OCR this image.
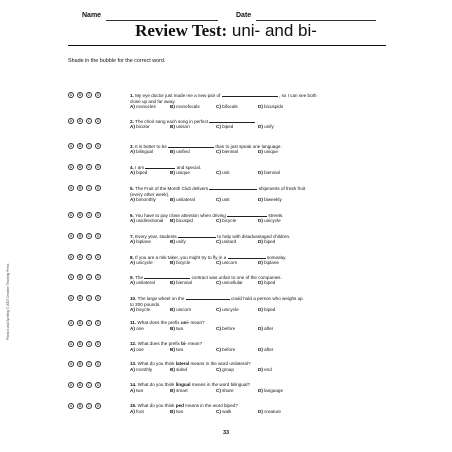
Name	Date
Review Test: uni- and bi-
Shade in the bubble for the correct word.
A	B	C	D	1. My eye doctor just made me a new pair of	, so I can see both
close up and far away.
A) monocles	B) monofocals	C) bifocals	D) bicuspids
A	B	C	D	2. The choir sang each song in perfect	.
A) bicolor	B) unison	C) biped	D) unify
A	B	C	D	3. It is better to be	than to just speak one language.
A) bilingual	B) unified	C) biennial	D) unique
A	B	C	D	4. I am	and special.
A) biped	B) unique	C) unit	D) biennial
A	B	C	D	5. The Fruit of the Month Club delivers	shipments of fresh fruit
(every other week).
A) bimonthly	B) unilateral	C) unit	D) biweekly
A	B	C	D	6. You have to pay close attention when driving	streets.
A) unidirectional B) bicuspid	C) bicycle	D) unicycle
A	B	C	D	7. Every year, students	to help with disadvantaged children.
A) biplane	B) unify	C) unitard	D) biped
A	B	C	D	8. If you are a risk taker, you might try to fly in a	someday.
A) unicycle	B) bicycle	C) unicorn	D) biplane
A	B	C	D	9. The	contract was unfair to one of the companies.
A) unilateral	B) biennial	C) unicellular	D) biped
A	B	C	D	10. The large wheel on the	could hold a person who weighs up
to 200 pounds.
A) bicycle	B) unicorn	C) unicycle	D) biped
A	B	C	D	11. What does the prefix uni- mean?
A) one	B) two	C) before	D) after
A	B	C	D	12. What does the prefix bi- mean?
A) one	B) two	C) before	D) after
A	B	C	D	13. What do you think lateral means in the word unilateral?
A) monthly	B) sided	C) group	D) end
A	B	C	D	14. What do you think lingual means in the word bilingual?
A) two	B) smart	C) share	D) language
A	B	C	D	15. What do you think ped means in the word biped?
A) foot	B) two	C) walk	D) creature
Phonics and Spelling © 2003 Creative Teaching Press
33
